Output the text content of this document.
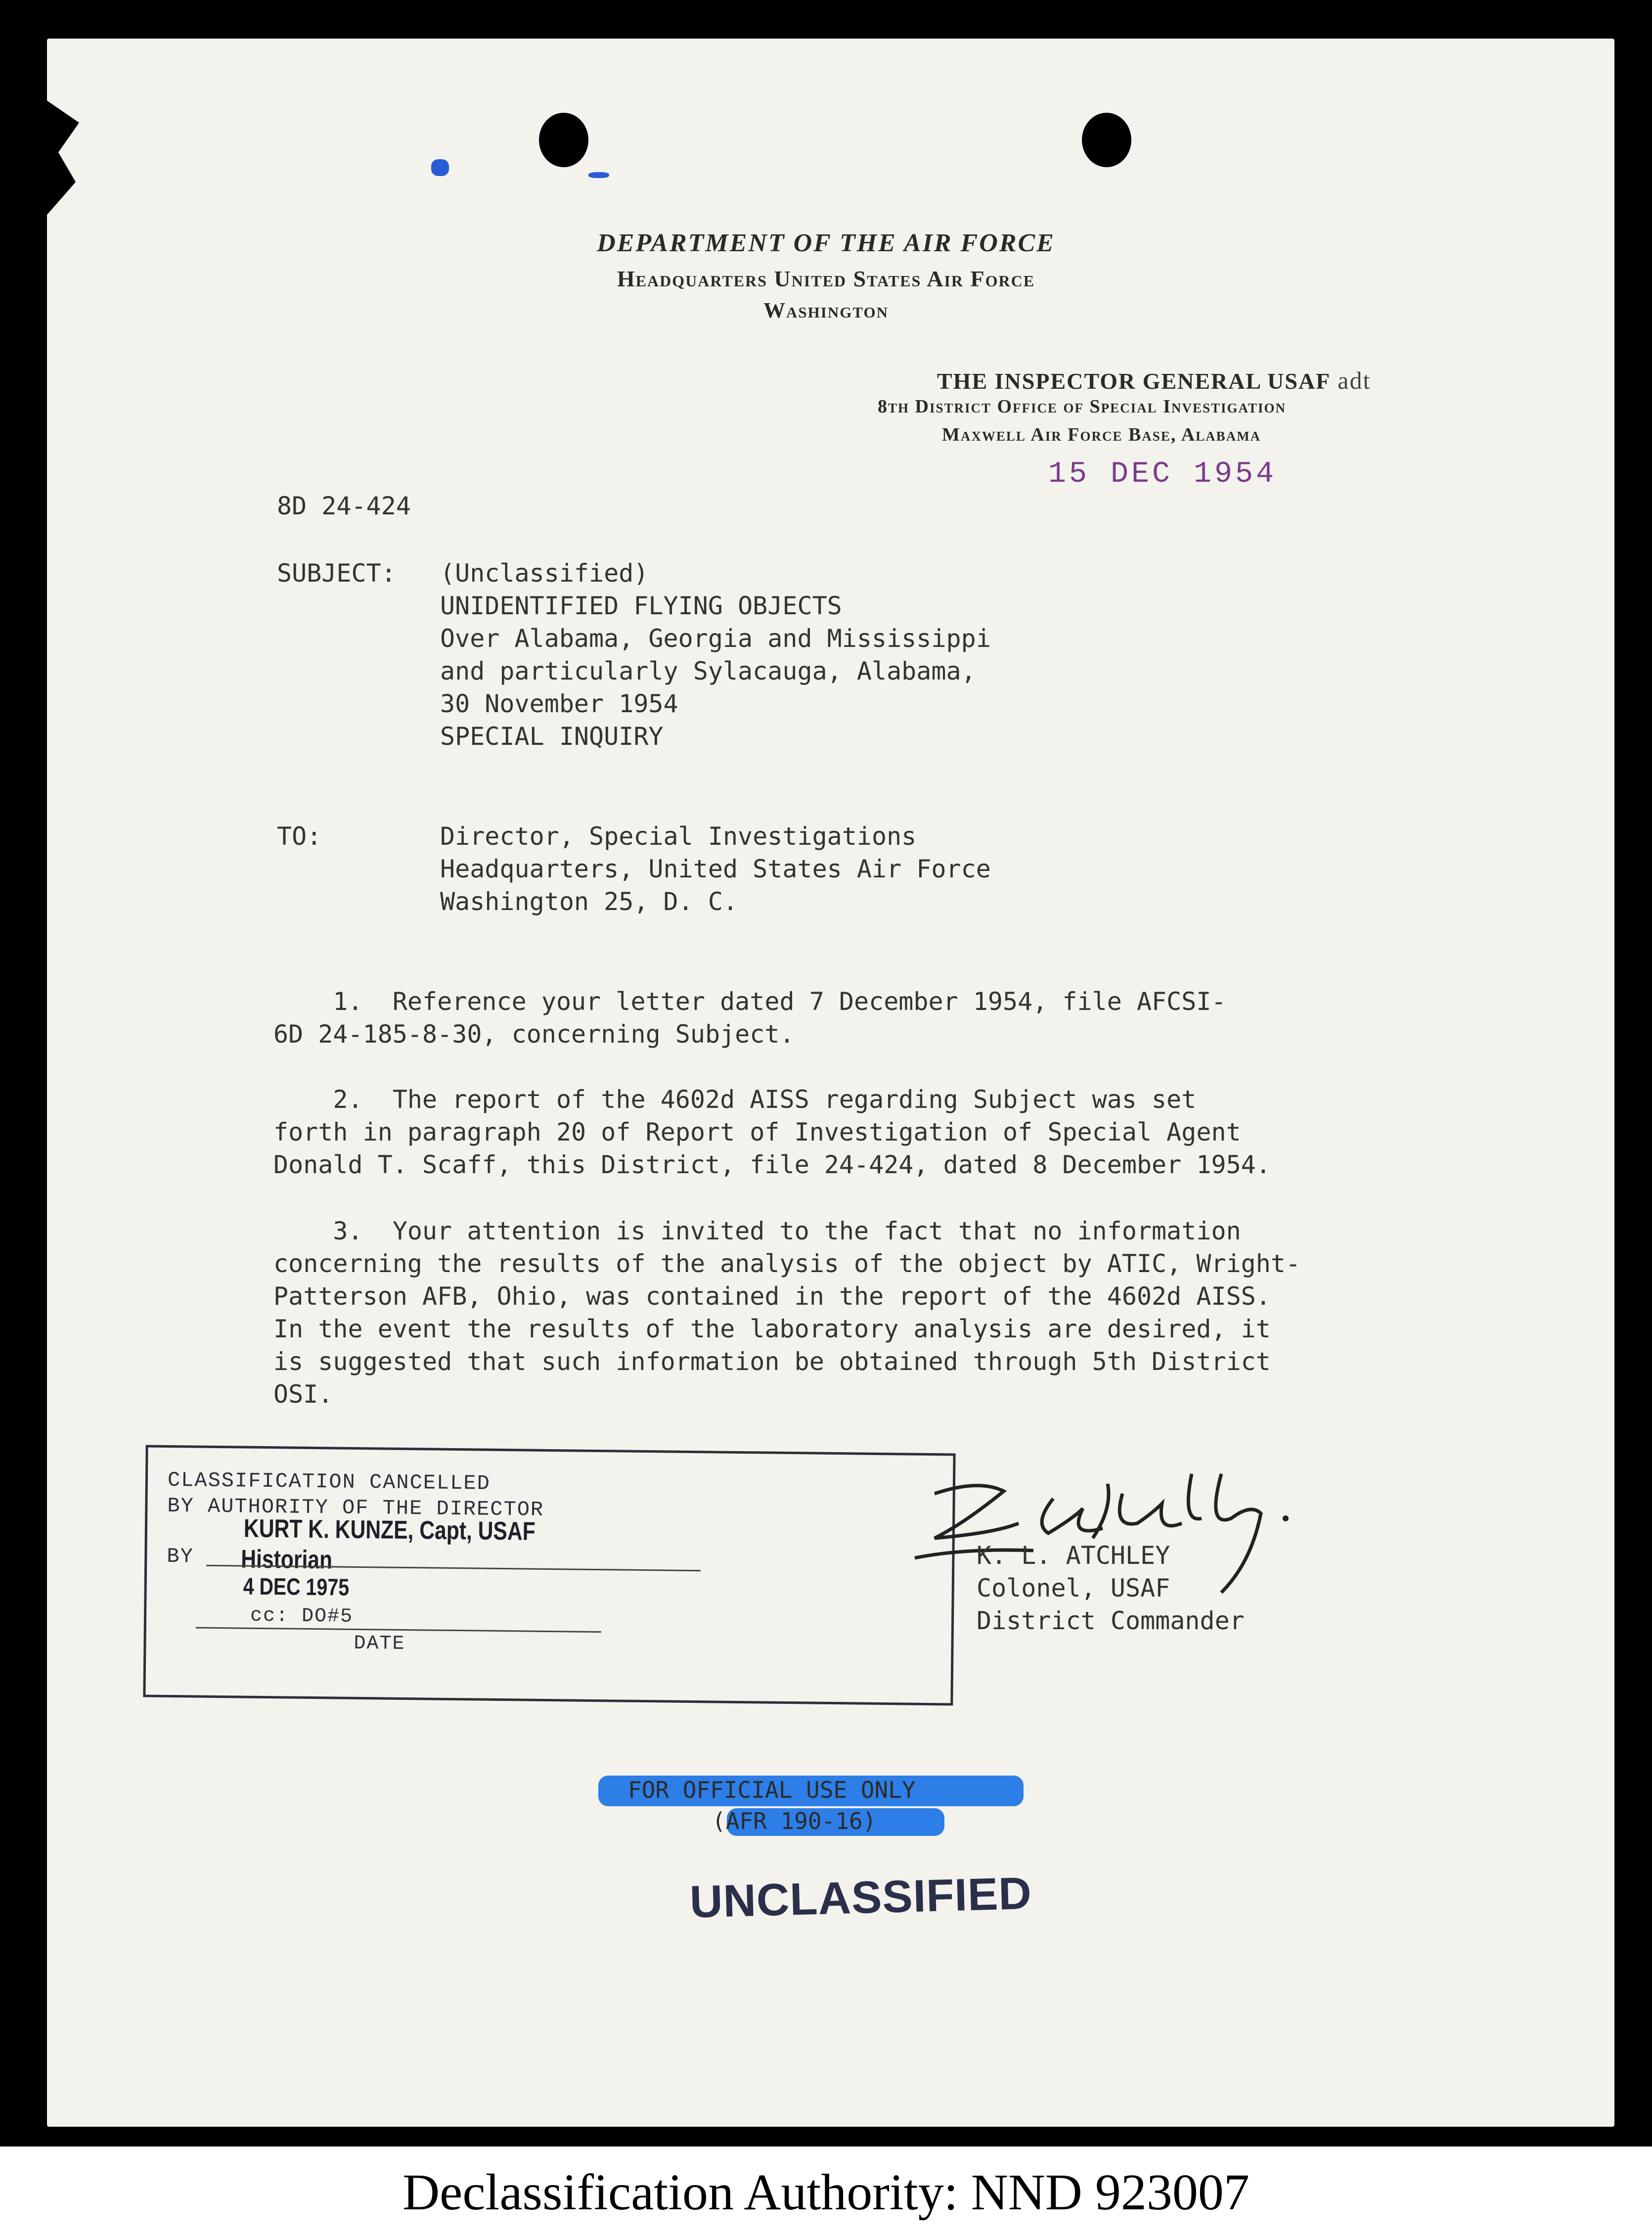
DEPARTMENT OF THE AIR FORCE
Headquarters United States Air Force
Washington
THE INSPECTOR GENERAL USAF adt
8th District Office of Special Investigation
Maxwell Air Force Base, Alabama
15 DEC 1954
8D 24-424
SUBJECT: (Unclassified)
UNIDENTIFIED FLYING OBJECTS
Over Alabama, Georgia and Mississippi
and particularly Sylacauga, Alabama,
30 November 1954
SPECIAL INQUIRY
TO:	Director, Special Investigations
Headquarters, United States Air Force
Washington 25, D. C.
1.  Reference your letter dated 7 December 1954, file AFCSI-
6D 24-185-8-30, concerning Subject.
2.  The report of the 4602d AISS regarding Subject was set
forth in paragraph 20 of Report of Investigation of Special Agent
Donald T. Scaff, this District, file 24-424, dated 8 December 1954.
3.  Your attention is invited to the fact that no information
concerning the results of the analysis of the object by ATIC, Wright-
Patterson AFB, Ohio, was contained in the report of the 4602d AISS.
In the event the results of the laboratory analysis are desired, it
is suggested that such information be obtained through 5th District
OSI.
CLASSIFICATION CANCELLED
BY AUTHORITY OF THE DIRECTOR
BY
KURT K. KUNZE, Capt, USAF
Historian
4 DEC 1975
cc: DO#5
DATE
K. L. ATCHLEY
Colonel, USAF
District Commander
FOR OFFICIAL USE ONLY
(AFR 190-16)
UNCLASSIFIED
Declassification Authority: NND 923007
